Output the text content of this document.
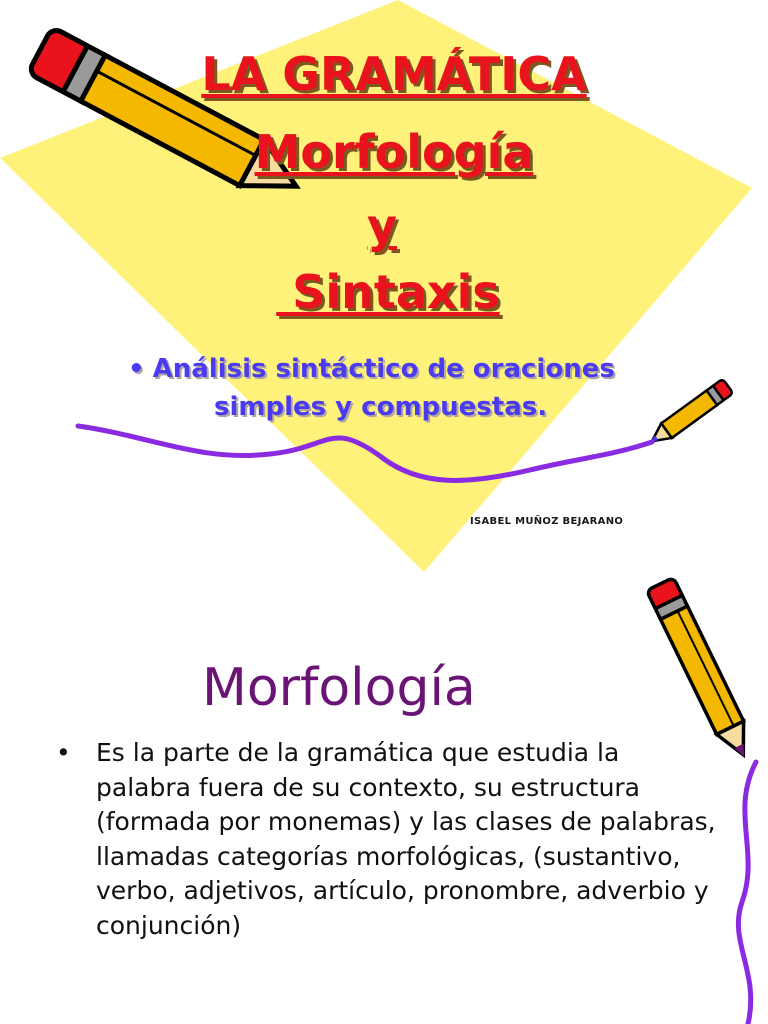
LA GRAMÁTICA
Morfología
y
Sintaxis
• Análisis sintáctico de oraciones
simples y compuestas.
ISABEL MUÑOZ BEJARANO
Morfología
•	Es la parte de la gramática que estudia la palabra fuera de su contexto, su estructura (formada por monemas) y las clases de palabras, llamadas categorías morfológicas, (sustantivo, verbo, adjetivos, artículo, pronombre, adverbio y conjunción)
